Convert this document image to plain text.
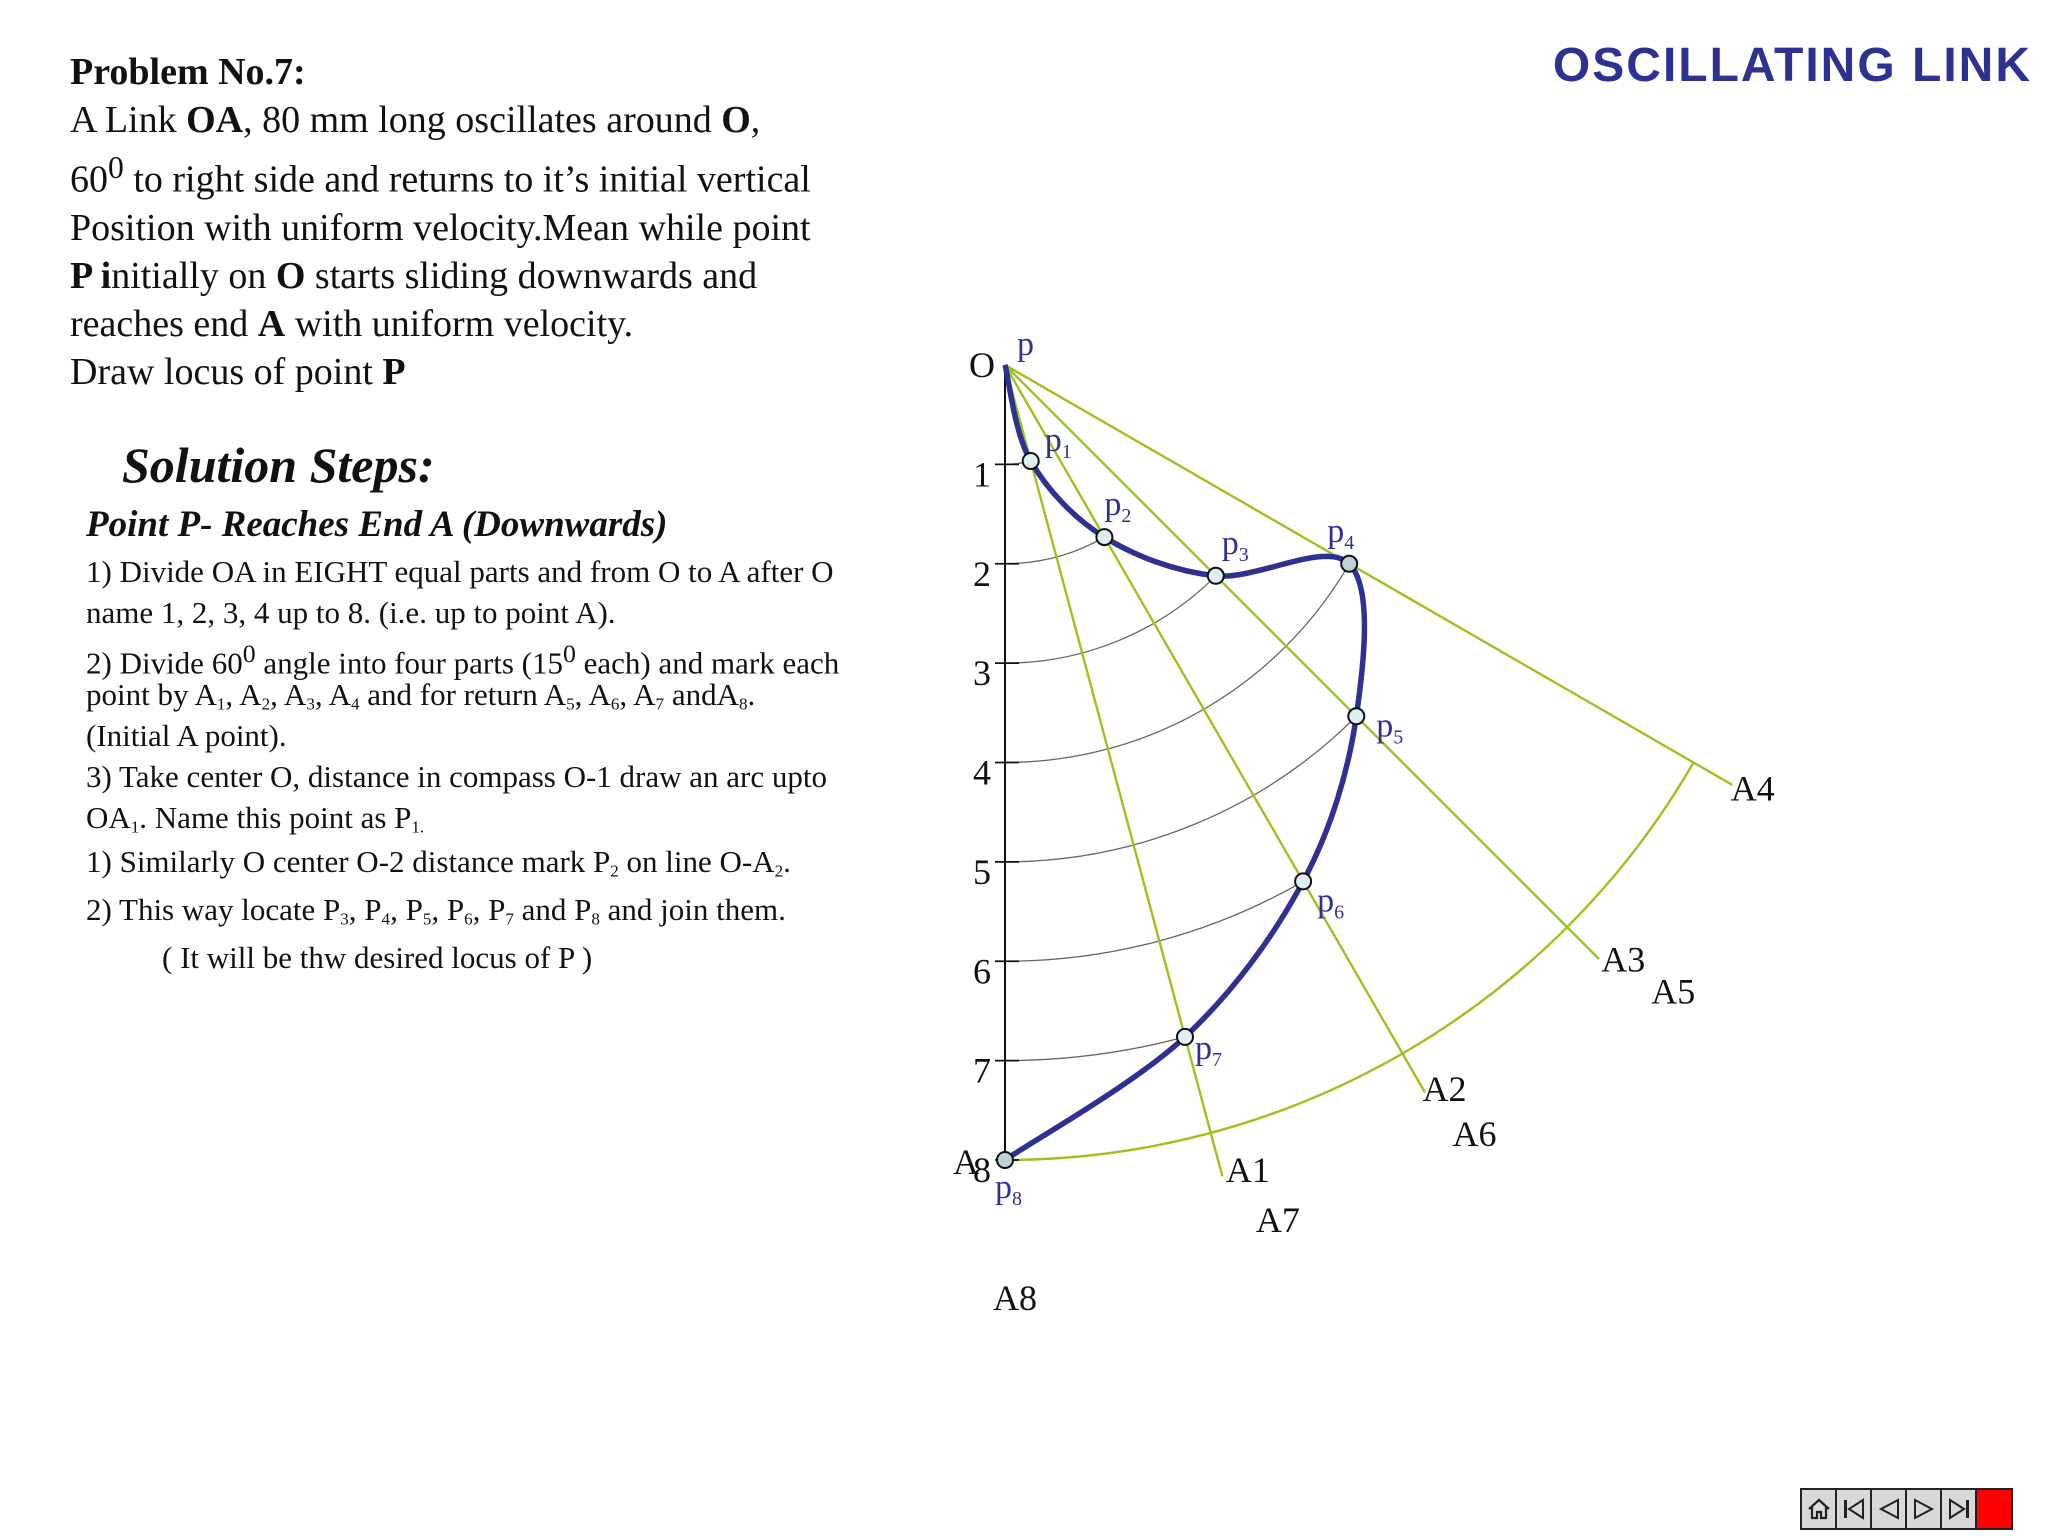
OSCILLATING LINK
Problem No.7:
A Link OA, 80 mm long oscillates around O,
$60^0$ to right side and returns to it’s initial vertical
Position with uniform velocity.Mean while point
P initially on O starts sliding downwards and
reaches end A with uniform velocity.
Draw locus of point P
Solution Steps:
Point P- Reaches End A (Downwards)
1) Divide OA in EIGHT equal parts and from O to A after O
name 1, 2, 3, 4 up to 8. (i.e. up to point A).
2) Divide $60^0$ angle into four parts ($15^0$ each) and mark each
point by $A_1$, $A_2$, $A_3$, $A_4$ and for return $A_5$, $A_6$, $A_7$ andA$_8$.
(Initial A point).
3) Take center O, distance in compass O-1 draw an arc upto
$OA_1$. Name this point as $P_{1.}$
1) Similarly O center O-2 distance mark $P_2$ on line $O-A_2$.
2) This way locate $P_3$, $P_4$, $P_5$, $P_6$, $P_7$ and $P_8$ and join them.
( It will be thw desired locus of P )
$p_1$
$p_2$
$p_3$
$p_4$
$p_5$
$p_6$
$p_7$
$p_8$
p
O
A
1
2
3
4
5
6
7
8	A1
A2
A3
A4
A5
A6
A7
A8
